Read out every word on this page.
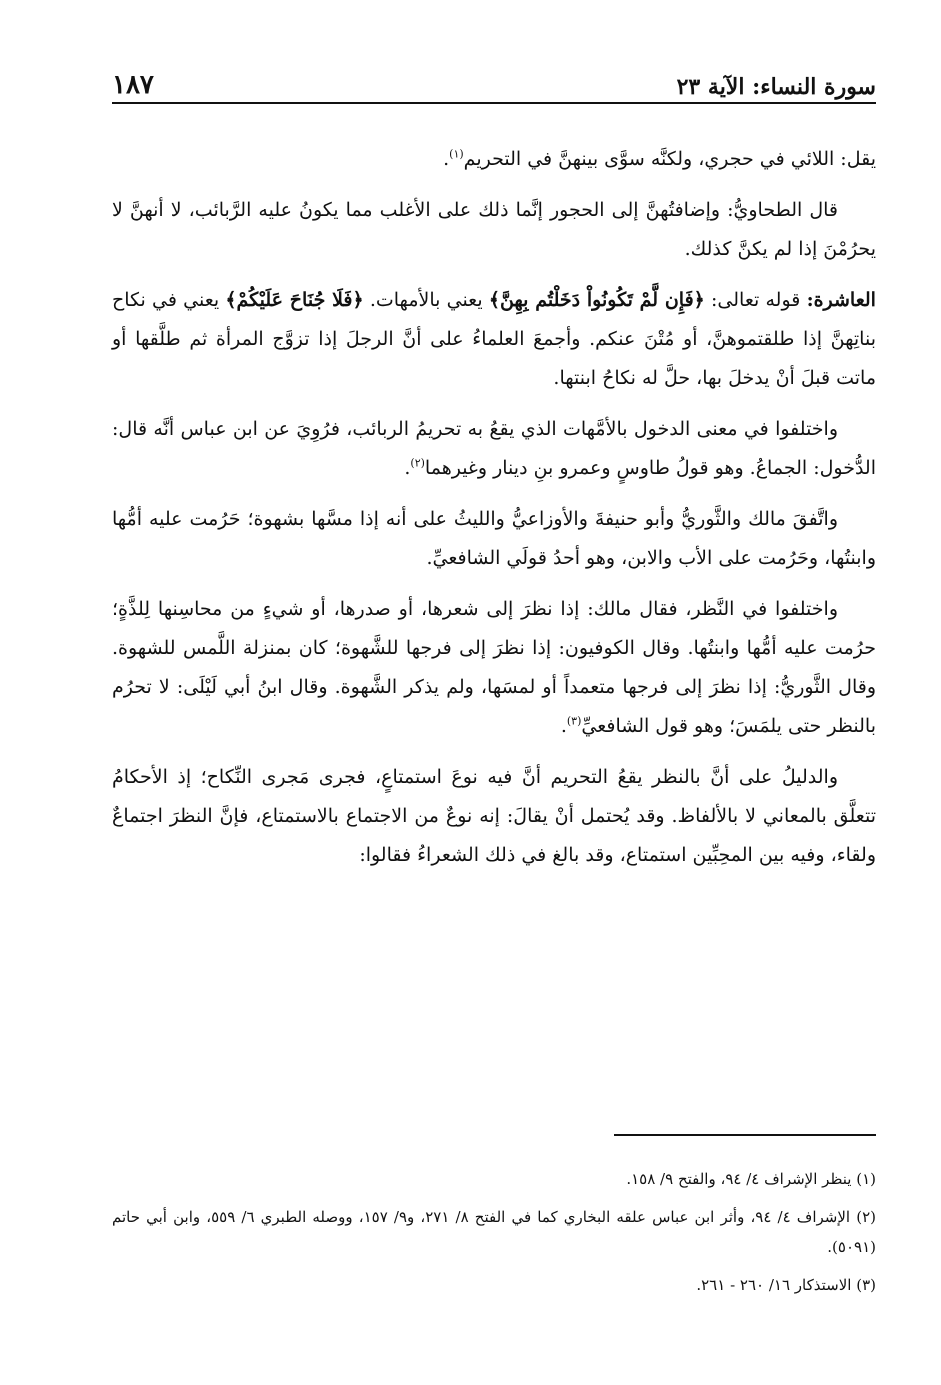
١٨٧	سورة النساء: الآية ٢٣

يقل: اللائي في حجري، ولكنَّه سوَّى بينهنَّ في التحريم$^{(١)}$.

قال الطحاويُّ: وإضافتُهنَّ إلى الحجور إنَّما ذلك على الأغلب مما يكونُ عليه الرَّبائب، لا أنهنَّ لا يحرُمْنَ إذا لم يكنَّ كذلك.

العاشرة: قوله تعالى: ﴿فَإِن لَّمْ تَكُونُواْ دَخَلْتُم بِهِنَّ﴾ يعني بالأمهات. ﴿فَلَا جُنَاحَ عَلَيْكُمْ﴾ يعني في نكاح بناتِهنَّ إذا طلقتموهنَّ، أو مُتْنَ عنكم. وأجمعَ العلماءُ على أنَّ الرجلَ إذا تزوَّج المرأة ثم طلَّقها أو ماتت قبلَ أنْ يدخلَ بها، حلَّ له نكاحُ ابنتها.

واختلفوا في معنى الدخول بالأمَّهات الذي يقعُ به تحريمُ الربائب، فرُوِيَ عن ابن عباس أنَّه قال: الدُّخول: الجماعُ. وهو قولُ طاوسٍ وعمرو بنِ دينار وغيرهما$^{(٢)}$.

واتَّفقَ مالك والثَّوريُّ وأبو حنيفةَ والأوزاعيُّ والليثُ على أنه إذا مسَّها بشهوة؛ حَرُمت عليه أمُّها وابنتُها، وحَرُمت على الأب والابن، وهو أحدُ قولَي الشافعيِّ.

واختلفوا في النَّظر، فقال مالك: إذا نظرَ إلى شعرها، أو صدرها، أو شيءٍ من محاسِنها لِلذَّةٍ؛ حرُمت عليه أمُّها وابنتُها. وقال الكوفيون: إذا نظرَ إلى فرجها للشَّهوة؛ كان بمنزلة اللَّمس للشهوة. وقال الثَّوريُّ: إذا نظرَ إلى فرجها متعمداً أو لمسَها، ولم يذكر الشَّهوة. وقال ابنُ أبي لَيْلَى: لا تحرُم بالنظر حتى يلمَسَ؛ وهو قول الشافعيِّ$^{(٣)}$.

والدليلُ على أنَّ بالنظر يقعُ التحريم أنَّ فيه نوعَ استمتاعٍ، فجرى مَجرى النِّكاح؛ إذ الأحكامُ تتعلَّق بالمعاني لا بالألفاظ. وقد يُحتمل أنْ يقالَ: إنه نوعٌ من الاجتماع بالاستمتاع، فإنَّ النظرَ اجتماعٌ ولقاء، وفيه بين المحِبِّين استمتاع، وقد بالغ في ذلك الشعراءُ فقالوا:

(١) ينظر الإشراف ٤/ ٩٤، والفتح ٩/ ١٥٨.

(٢) الإشراف ٤/ ٩٤، وأثر ابن عباس علقه البخاري كما في الفتح ٨/ ٢٧١، و٩/ ١٥٧، ووصله الطبري ٦/ ٥٥٩، وابن أبي حاتم (٥٠٩١).

(٣) الاستذكار ١٦/ ٢٦٠ - ٢٦١.
